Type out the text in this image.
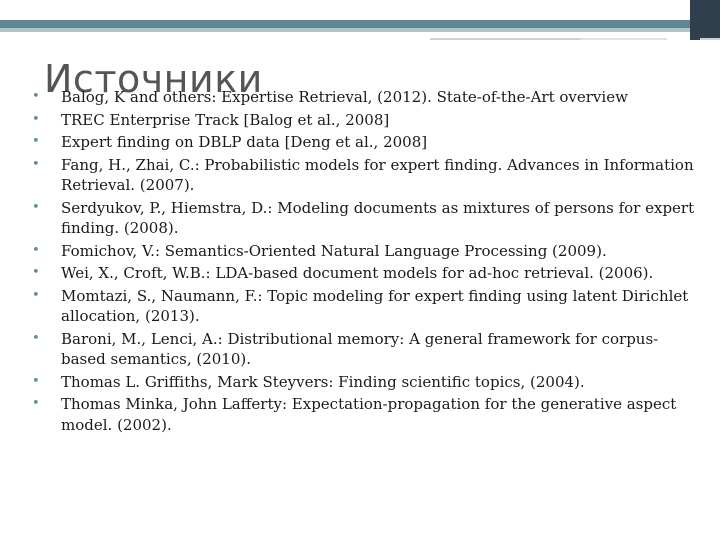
Источники
• Balog, K and others: Expertise Retrieval, (2012). State-of-the-Art overview
• TREC Enterprise Track [Balog et al., 2008]
• Expert finding on DBLP data [Deng et al., 2008]
• Fang, H., Zhai, C.: Probabilistic models for expert finding. Advances in Information Retrieval. (2007).
• Serdyukov, P., Hiemstra, D.: Modeling documents as mixtures of persons for expert finding. (2008).
• Fomichov, V.: Semantics-Oriented Natural Language Processing (2009).
• Wei, X., Croft, W.B.: LDA-based document models for ad-hoc retrieval. (2006).
• Momtazi, S., Naumann, F.: Topic modeling for expert finding using latent Dirichlet allocation, (2013).
• Baroni, M., Lenci, A.: Distributional memory: A general framework for corpus-based semantics, (2010).
• Thomas L. Griffiths, Mark Steyvers: Finding scientific topics, (2004).
• Thomas Minka, John Lafferty: Expectation-propagation for the generative aspect model. (2002).
